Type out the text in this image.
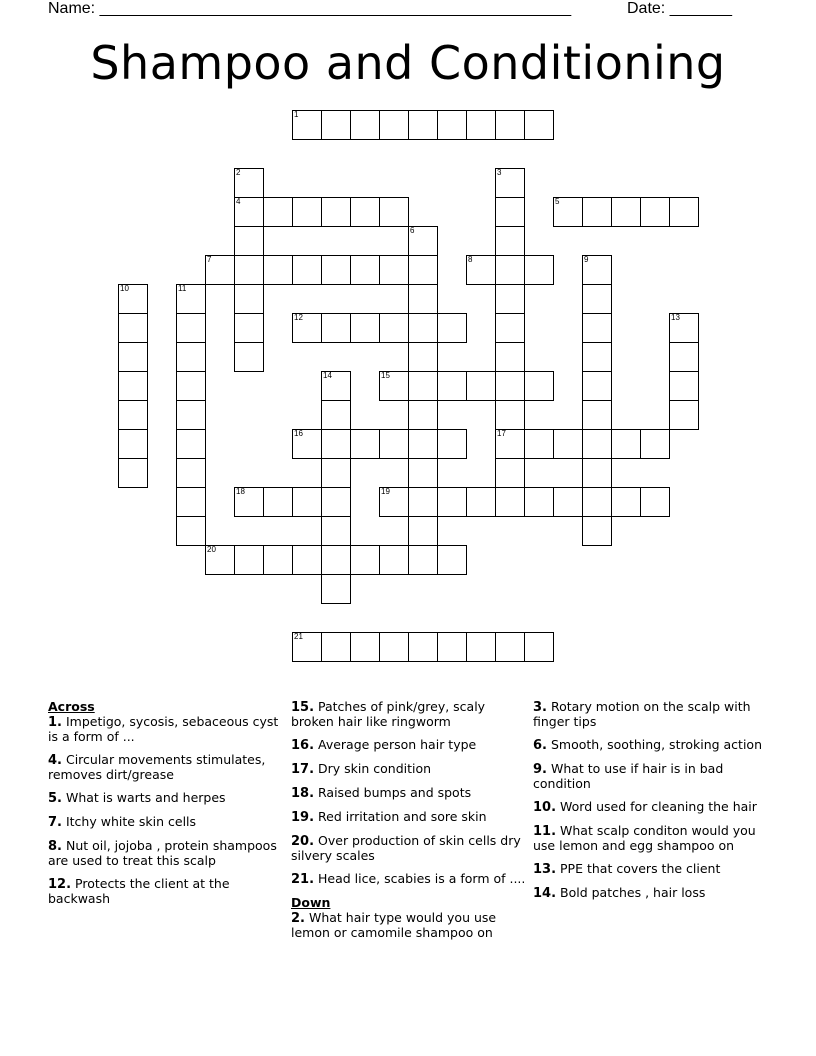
Name: _____________________________________________________	Date: _______
Shampoo and Conditioning
1
2
4
3
17
5
6
7	8	9
10	11
12	13
14	15
16
18	19
20
21
Across
1. Impetigo, sycosis, sebaceous cyst is a form of ...
4. Circular movements stimulates, removes dirt/grease
5. What is warts and herpes
7. Itchy white skin cells
8. Nut oil, jojoba , protein shampoos are used to treat this scalp
12. Protects the client at the backwash
15. Patches of pink/grey, scaly broken hair like ringworm
16. Average person hair type
17. Dry skin condition
18. Raised bumps and spots
19. Red irritation and sore skin
20. Over production of skin cells dry silvery scales
21. Head lice, scabies is a form of ....
Down
2. What hair type would you use lemon or camomile shampoo on
3. Rotary motion on the scalp with finger tips
6. Smooth, soothing, stroking action
9. What to use if hair is in bad condition
10. Word used for cleaning the hair
11. What scalp conditon would you use lemon and egg shampoo on
13. PPE that covers the client
14. Bold patches , hair loss
